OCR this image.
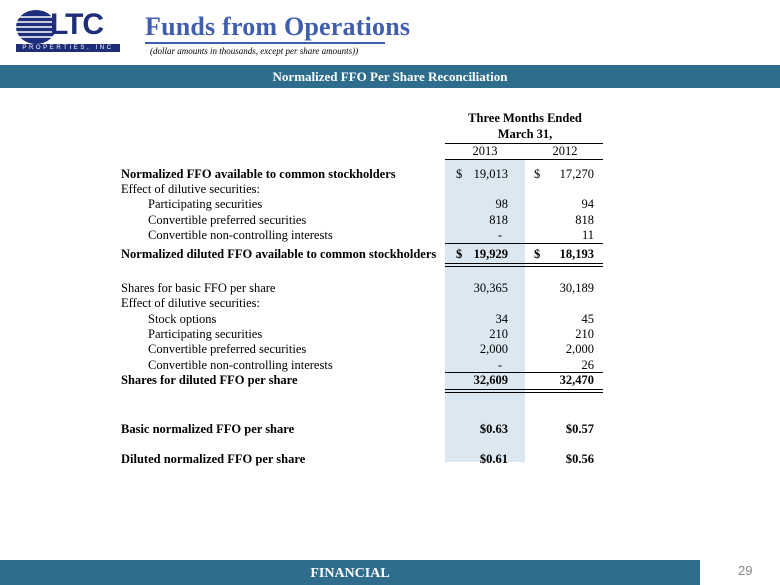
LTC
PROPERTIES, INC
Funds from Operations
(dollar amounts in thousands, except per share amounts))
Normalized FFO Per Share Reconciliation
Three Months Ended
March 31,
2013	2012
Normalized FFO available to common stockholders	$ 19,013 $ 17,270
Effect of dilutive securities:
Participating securities	98	94
Convertible preferred securities	818	818
Convertible non-controlling interests	-	11
Normalized diluted FFO available to common stockholders $ 19,929 $ 18,193
Shares for basic FFO per share	30,365	30,189
Effect of dilutive securities:
Stock options	34	45
Participating securities	210	210
Convertible preferred securities	2,000	2,000
Convertible non-controlling interests	-	26
Shares for diluted FFO per share	32,609	32,470
Basic normalized FFO per share	$0.63	$0.57
Diluted normalized FFO per share	$0.61	$0.56
FINANCIAL	29
